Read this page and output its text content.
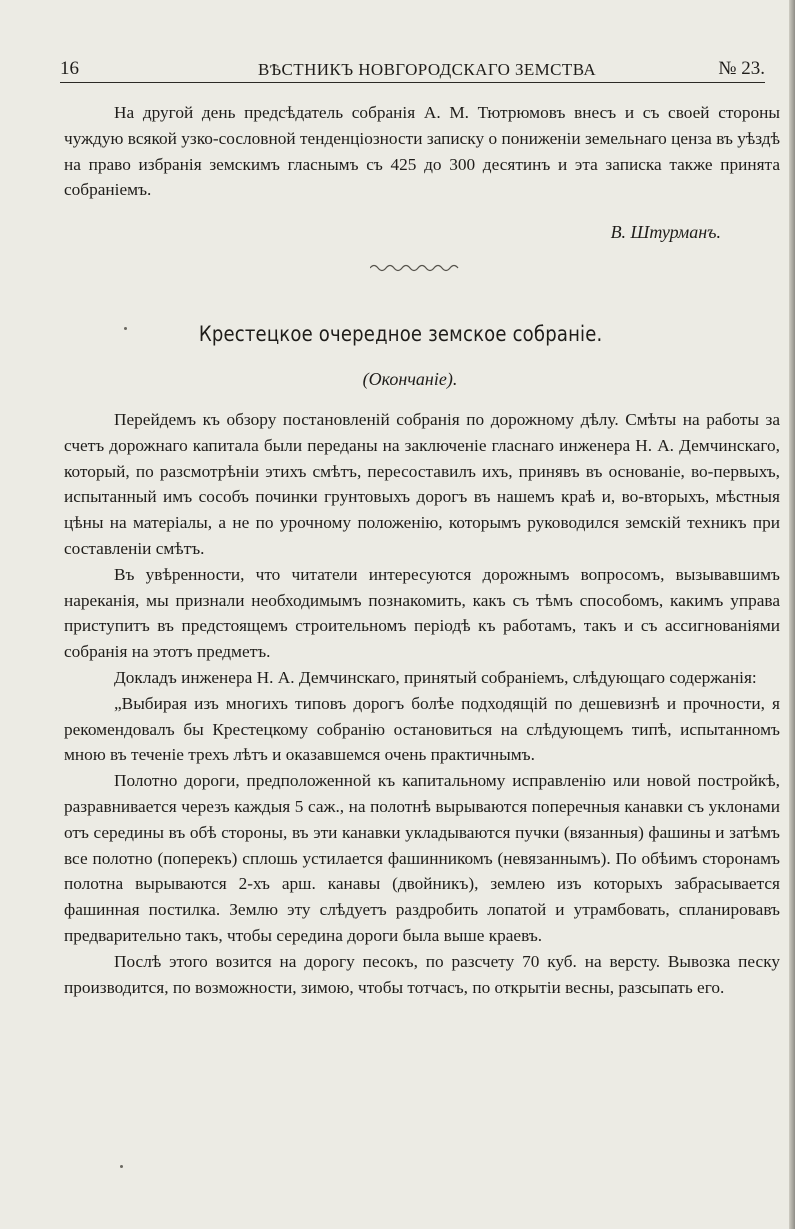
16	ВѢСТНИКЪ НОВГОРОДСКАГО ЗЕМСТВА	№ 23.

На другой день предсѣдатель собранія А. М. Тютрюмовъ внесъ и съ своей стороны чуждую всякой узко-сословной тенденціозности записку о пониженіи земельнаго ценза въ уѣздѣ на право избранія земскимъ гласнымъ съ 425 до 300 десятинъ и эта записка также принята собраніемъ.

В. Штурманъ.
Крестецкое очередное земское собраніе.
(Окончаніе).

Перейдемъ къ обзору постановленій собранія по дорожному дѣлу. Смѣты на работы за счетъ дорожнаго капитала были переданы на заключеніе гласнаго инженера Н. А. Демчинскаго, который, по разсмотрѣніи этихъ смѣтъ, пересоставилъ ихъ, принявъ въ основаніе, во-первыхъ, испытанный имъ сособъ починки грунтовыхъ дорогъ въ нашемъ краѣ и, во-вторыхъ, мѣстныя цѣны на матеріалы, а не по урочному положенію, которымъ руководился земскій техникъ при составленіи смѣтъ.

Въ увѣренности, что читатели интересуются дорожнымъ вопросомъ, вызывавшимъ нареканія, мы признали необходимымъ познакомить, какъ съ тѣмъ способомъ, какимъ управа приступитъ въ предстоящемъ строительномъ періодѣ къ работамъ, такъ и съ ассигнованіями собранія на этотъ предметъ.

Докладъ инженера Н. А. Демчинскаго, принятый собраніемъ, слѣдующаго содержанія:

„Выбирая изъ многихъ типовъ дорогъ болѣе подходящій по дешевизнѣ и прочности, я рекомендовалъ бы Крестецкому собранію остановиться на слѣдующемъ типѣ, испытанномъ мною въ теченіе трехъ лѣтъ и оказавшемся очень практичнымъ.

Полотно дороги, предположенной къ капитальному исправленію или новой постройкѣ, разравнивается черезъ каждыя 5 саж., на полотнѣ вырываются поперечныя канавки съ уклонами отъ середины въ обѣ стороны, въ эти канавки укладываются пучки (вязанныя) фашины и затѣмъ все полотно (поперекъ) сплошь устилается фашинникомъ (невязаннымъ). По обѣимъ сторонамъ полотна вырываются 2-хъ арш. канавы (двойникъ), землею изъ которыхъ забрасывается фашинная постилка. Землю эту слѣдуетъ раздробить лопатой и утрамбовать, спланировавъ предварительно такъ, чтобы середина дороги была выше краевъ.

Послѣ этого возится на дорогу песокъ, по разсчету 70 куб. на версту. Вывозка песку производится, по возможности, зимою, чтобы тотчасъ, по открытіи весны, разсыпать его.
